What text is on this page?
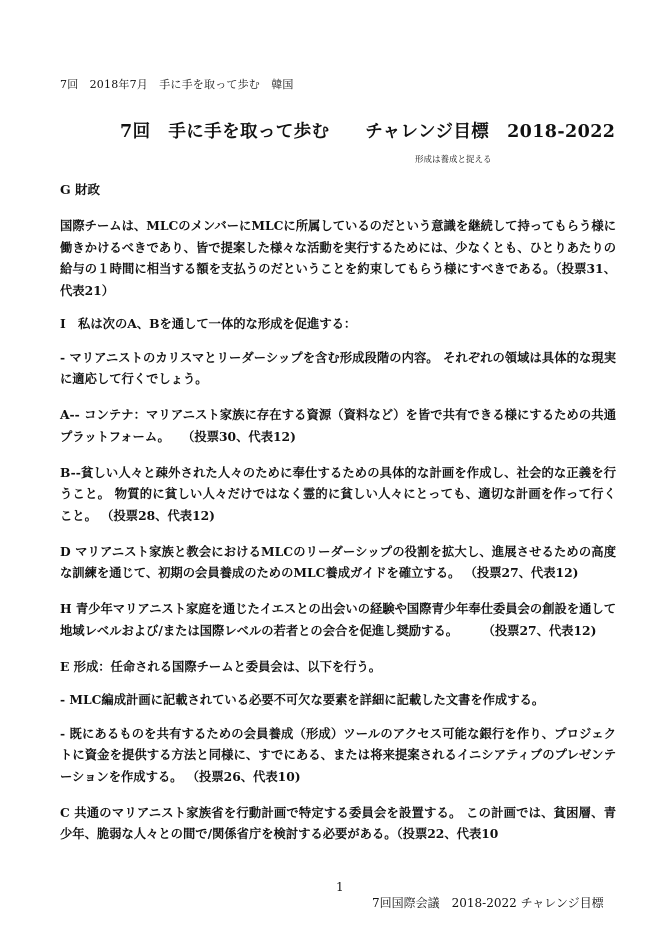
7回　2018年7月　手に手を取って歩む　韓国
7回　手に手を取って歩む　　チャレンジ目標　2018-2022
形成は養成と捉える
G 財政

国際チームは、MLCのメンバーにMLCに所属しているのだという意識を継続して持ってもらう様に働きかけるべきであり、皆で提案した様々な活動を実行するためには、少なくとも、ひとりあたりの給与の１時間に相当する額を支払うのだということを約束してもらう様にすべきである。（投票31、代表21）

I　私は次のA、Bを通して一体的な形成を促進する：

- マリアニストのカリスマとリーダーシップを含む形成段階の内容。 それぞれの領域は具体的な現実に適応して行くでしょう。

A-- コンテナ：マリアニスト家族に存在する資源（資料など）を皆で共有できる様にするための共通プラットフォーム。　　（投票30、代表12)

B--貧しい人々と疎外された人々のために奉仕するための具体的な計画を作成し、社会的な正義を行うこと。 物質的に貧しい人々だけではなく霊的に貧しい人々にとっても、適切な計画を作って行くこと。 （投票28、代表12)

D マリアニスト家族と教会におけるMLCのリーダーシップの役割を拡大し、進展させるための高度な訓練を通じて、初期の会員養成のためのMLC養成ガイドを確立する。 （投票27、代表12)

H 青少年マリアニスト家庭を通じたイエスとの出会いの経験や国際青少年奉仕委員会の創設を通して地域レベルおよび/または国際レベルの若者との会合を促進し奨励する。　　　（投票27、代表12)

E 形成：任命される国際チームと委員会は、以下を行う。

- MLC編成計画に記載されている必要不可欠な要素を詳細に記載した文書を作成する。

- 既にあるものを共有するための会員養成（形成）ツールのアクセス可能な銀行を作り、プロジェクトに資金を提供する方法と同様に、すでにある、または将来提案されるイニシアティブのプレゼンテーションを作成する。 （投票26、代表10)

C 共通のマリアニスト家族省を行動計画で特定する委員会を設置する。 この計画では、貧困層、青少年、脆弱な人々との間で/関係省庁を検討する必要がある。（投票22、代表10

1

7回国際会議　2018-2022 チャレンジ目標
